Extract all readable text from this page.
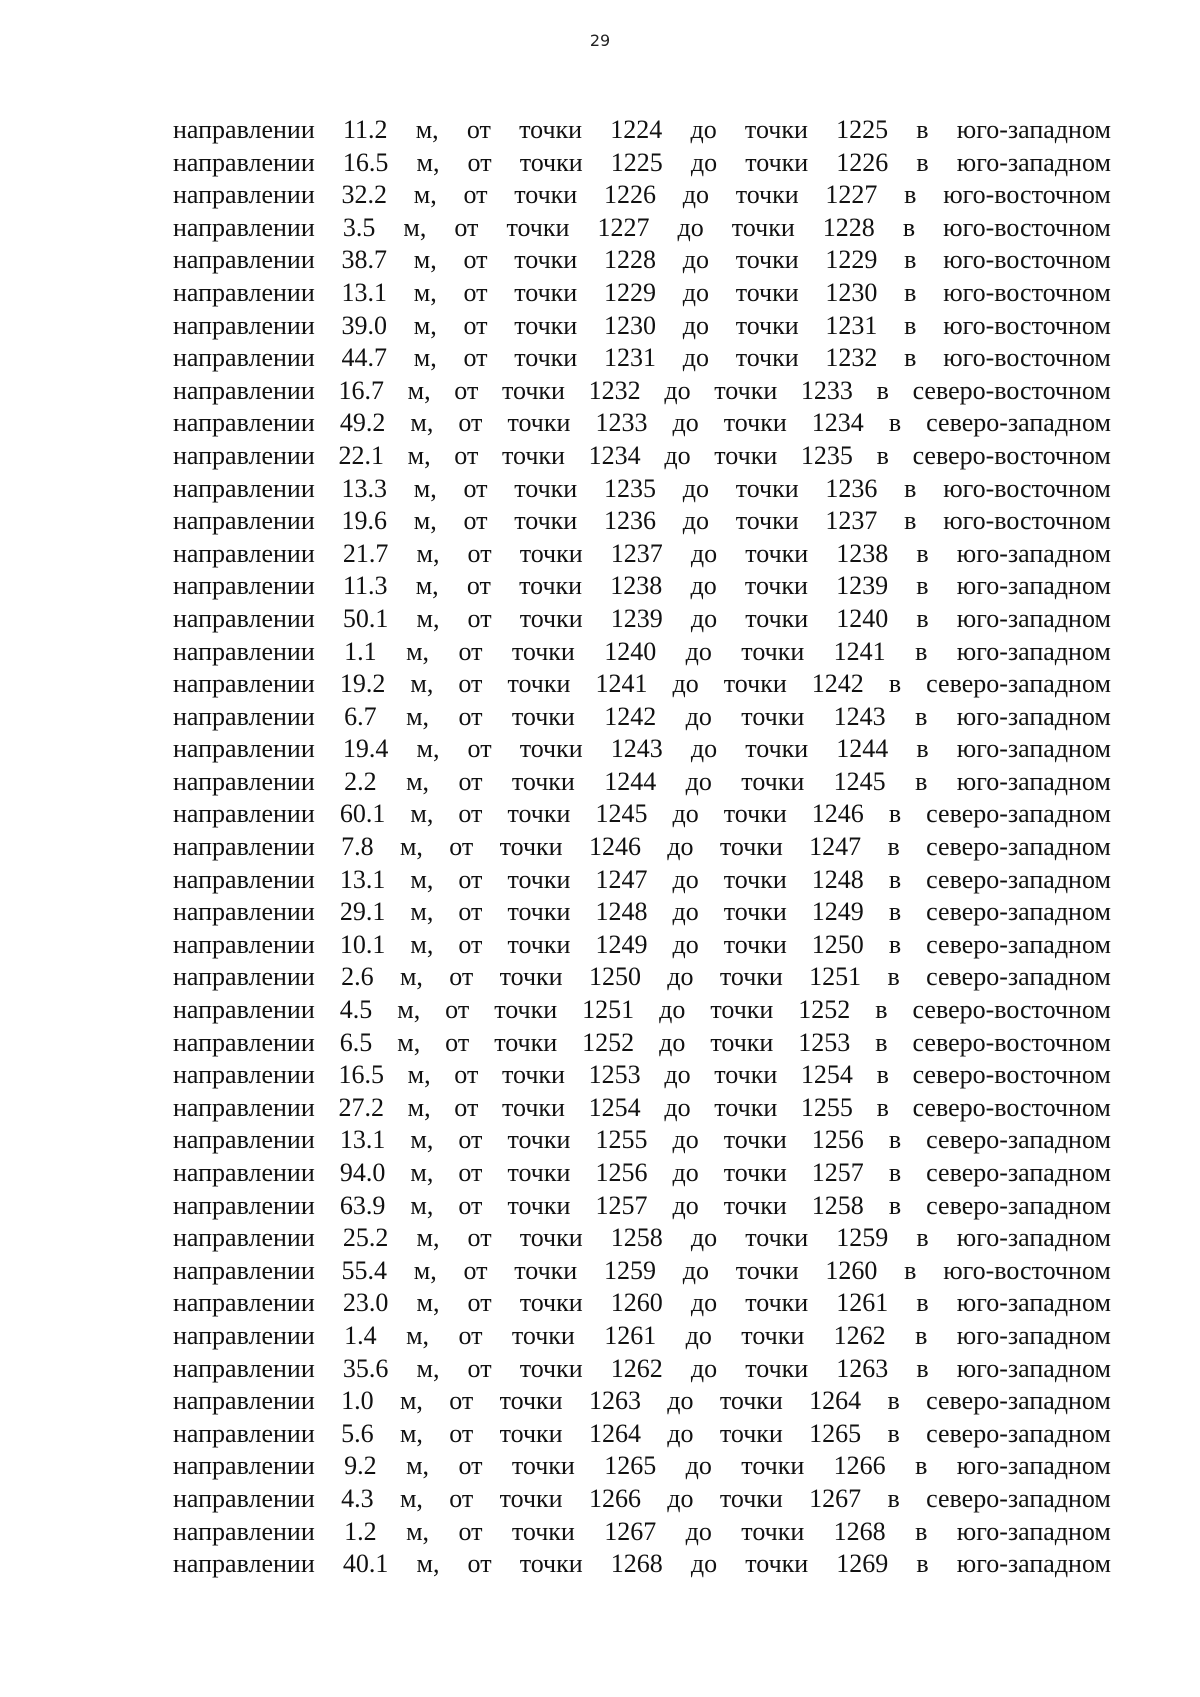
29
направлении 11.2 м, от точки 1224 до точки 1225 в юго-западном
направлении 16.5 м, от точки 1225 до точки 1226 в юго-западном
направлении 32.2 м, от точки 1226 до точки 1227 в юго-восточном
направлении 3.5 м, от точки 1227 до точки 1228 в юго-восточном
направлении 38.7 м, от точки 1228 до точки 1229 в юго-восточном
направлении 13.1 м, от точки 1229 до точки 1230 в юго-восточном
направлении 39.0 м, от точки 1230 до точки 1231 в юго-восточном
направлении 44.7 м, от точки 1231 до точки 1232 в юго-восточном
направлении 16.7 м, от точки 1232 до точки 1233 в северо-восточном
направлении 49.2 м, от точки 1233 до точки 1234 в северо-западном
направлении 22.1 м, от точки 1234 до точки 1235 в северо-восточном
направлении 13.3 м, от точки 1235 до точки 1236 в юго-восточном
направлении 19.6 м, от точки 1236 до точки 1237 в юго-восточном
направлении 21.7 м, от точки 1237 до точки 1238 в юго-западном
направлении 11.3 м, от точки 1238 до точки 1239 в юго-западном
направлении 50.1 м, от точки 1239 до точки 1240 в юго-западном
направлении 1.1 м, от точки 1240 до точки 1241 в юго-западном
направлении 19.2 м, от точки 1241 до точки 1242 в северо-западном
направлении 6.7 м, от точки 1242 до точки 1243 в юго-западном
направлении 19.4 м, от точки 1243 до точки 1244 в юго-западном
направлении 2.2 м, от точки 1244 до точки 1245 в юго-западном
направлении 60.1 м, от точки 1245 до точки 1246 в северо-западном
направлении 7.8 м, от точки 1246 до точки 1247 в северо-западном
направлении 13.1 м, от точки 1247 до точки 1248 в северо-западном
направлении 29.1 м, от точки 1248 до точки 1249 в северо-западном
направлении 10.1 м, от точки 1249 до точки 1250 в северо-западном
направлении 2.6 м, от точки 1250 до точки 1251 в северо-западном
направлении 4.5 м, от точки 1251 до точки 1252 в северо-восточном
направлении 6.5 м, от точки 1252 до точки 1253 в северо-восточном
направлении 16.5 м, от точки 1253 до точки 1254 в северо-восточном
направлении 27.2 м, от точки 1254 до точки 1255 в северо-восточном
направлении 13.1 м, от точки 1255 до точки 1256 в северо-западном
направлении 94.0 м, от точки 1256 до точки 1257 в северо-западном
направлении 63.9 м, от точки 1257 до точки 1258 в северо-западном
направлении 25.2 м, от точки 1258 до точки 1259 в юго-западном
направлении 55.4 м, от точки 1259 до точки 1260 в юго-восточном
направлении 23.0 м, от точки 1260 до точки 1261 в юго-западном
направлении 1.4 м, от точки 1261 до точки 1262 в юго-западном
направлении 35.6 м, от точки 1262 до точки 1263 в юго-западном
направлении 1.0 м, от точки 1263 до точки 1264 в северо-западном
направлении 5.6 м, от точки 1264 до точки 1265 в северо-западном
направлении 9.2 м, от точки 1265 до точки 1266 в юго-западном
направлении 4.3 м, от точки 1266 до точки 1267 в северо-западном
направлении 1.2 м, от точки 1267 до точки 1268 в юго-западном
направлении 40.1 м, от точки 1268 до точки 1269 в юго-западном
